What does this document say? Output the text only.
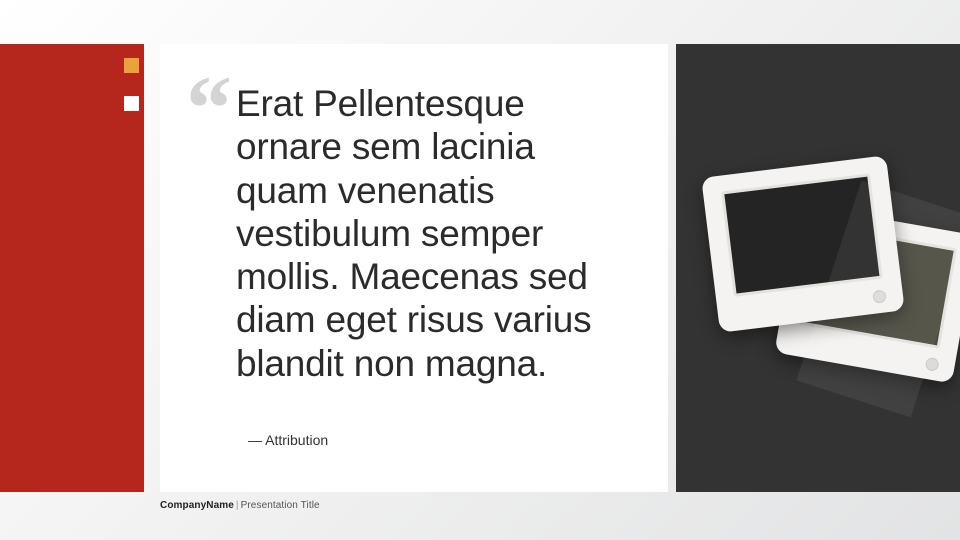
“ Erat Pellentesque ornare sem lacinia quam venenatis vestibulum semper mollis. Maecenas sed diam eget risus varius blandit non magna.
— Attribution
CompanyName | Presentation Title
